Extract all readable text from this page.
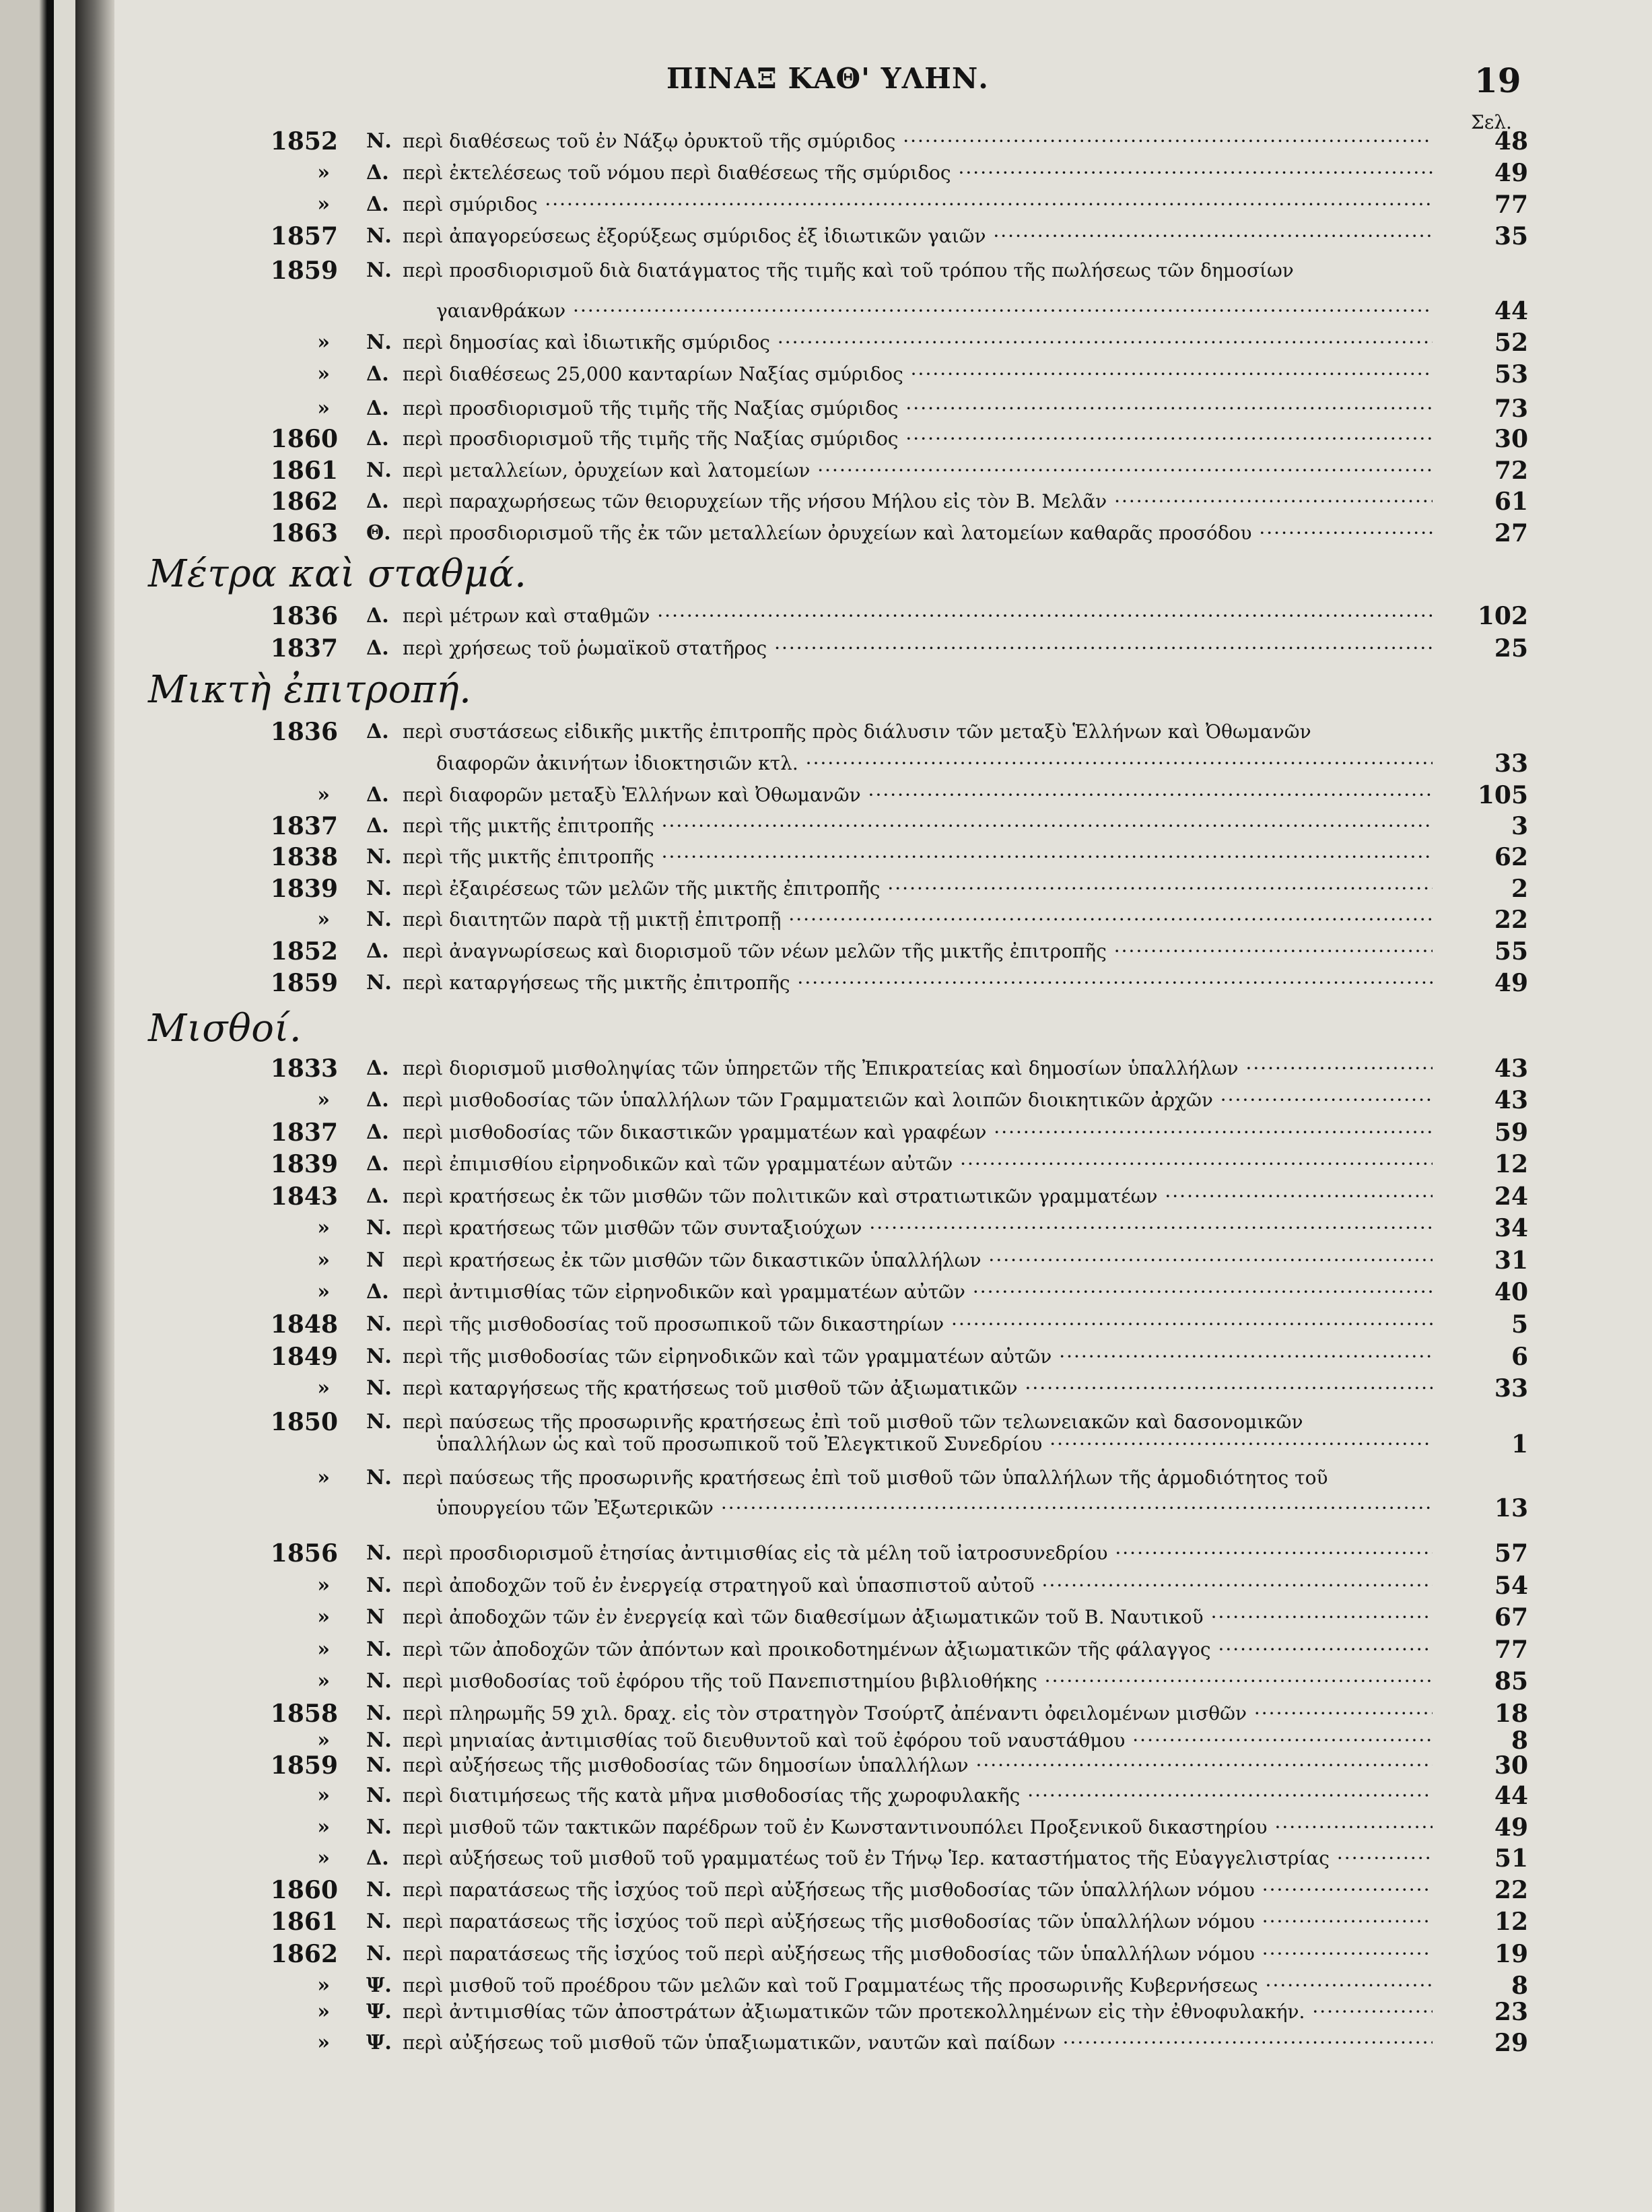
ΠΙΝΑΞ ΚΑΘ' ΥΛΗΝ.	19
Σελ.
Μέτρα καὶ σταθμά.
Μικτὴ ἐπιτροπή.
Μισθοί.
1852 Ν. περὶ διαθέσεως τοῦ ἐν Νάξῳ ὀρυκτοῦ τῆς σμύριδος ·····	48
» Δ. περὶ ἐκτελέσεως τοῦ νόμου περὶ διαθέσεως τῆς σμύριδος ·····	49
» Δ. περὶ σμύριδος ·····	77
1857 Ν. περὶ ἀπαγορεύσεως ἐξορύξεως σμύριδος ἐξ ἰδιωτικῶν γαιῶν ·····	35
1859 Ν. περὶ προσδιορισμοῦ διὰ διατάγματος τῆς τιμῆς καὶ τοῦ τρόπου τῆς πωλήσεως τῶν δημοσίων
γαιανθράκων ·····	44
» Ν. περὶ δημοσίας καὶ ἰδιωτικῆς σμύριδος ·····	52
» Δ. περὶ διαθέσεως 25,000 κανταρίων Ναξίας σμύριδος ·····	53
» Δ. περὶ προσδιορισμοῦ τῆς τιμῆς τῆς Ναξίας σμύριδος ·····	73
1860 Δ. περὶ προσδιορισμοῦ τῆς τιμῆς τῆς Ναξίας σμύριδος ·····	30
1861 Ν. περὶ μεταλλείων, ὀρυχείων καὶ λατομείων ·····	72
1862 Δ. περὶ παραχωρήσεως τῶν θειορυχείων τῆς νήσου Μήλου εἰς τὸν Β. Μελᾶν ·····	61
1863 Θ. περὶ προσδιορισμοῦ τῆς ἐκ τῶν μεταλλείων ὀρυχείων καὶ λατομείων καθαρᾶς προσόδου ·····	27
1836 Δ. περὶ μέτρων καὶ σταθμῶν ·····	102
1837 Δ. περὶ χρήσεως τοῦ ῥωμαϊκοῦ στατῆρος ·····	25
1836 Δ. περὶ συστάσεως εἰδικῆς μικτῆς ἐπιτροπῆς πρὸς διάλυσιν τῶν μεταξὺ Ἑλλήνων καὶ Ὀθωμανῶν
διαφορῶν ἀκινήτων ἰδιοκτησιῶν κτλ. ·····	33
» Δ. περὶ διαφορῶν μεταξὺ Ἑλλήνων καὶ Ὀθωμανῶν ·····	105
1837 Δ. περὶ τῆς μικτῆς ἐπιτροπῆς ·····	3
1838 Ν. περὶ τῆς μικτῆς ἐπιτροπῆς ·····	62
1839 Ν. περὶ ἐξαιρέσεως τῶν μελῶν τῆς μικτῆς ἐπιτροπῆς ·····	2
» Ν. περὶ διαιτητῶν παρὰ τῇ μικτῇ ἐπιτροπῇ ·····	22
1852 Δ. περὶ ἀναγνωρίσεως καὶ διορισμοῦ τῶν νέων μελῶν τῆς μικτῆς ἐπιτροπῆς ·····	55
1859 Ν. περὶ καταργήσεως τῆς μικτῆς ἐπιτροπῆς ·····	49
1833 Δ. περὶ διορισμοῦ μισθοληψίας τῶν ὑπηρετῶν τῆς Ἐπικρατείας καὶ δημοσίων ὑπαλλήλων ·····	43
» Δ. περὶ μισθοδοσίας τῶν ὑπαλλήλων τῶν Γραμματειῶν καὶ λοιπῶν διοικητικῶν ἀρχῶν ·····	43
1837 Δ. περὶ μισθοδοσίας τῶν δικαστικῶν γραμματέων καὶ γραφέων ·····	59
1839 Δ. περὶ ἐπιμισθίου εἰρηνοδικῶν καὶ τῶν γραμματέων αὐτῶν ·····	12
1843 Δ. περὶ κρατήσεως ἐκ τῶν μισθῶν τῶν πολιτικῶν καὶ στρατιωτικῶν γραμματέων ·····	24
» Ν. περὶ κρατήσεως τῶν μισθῶν τῶν συνταξιούχων ·····	34
» Ν περὶ κρατήσεως ἐκ τῶν μισθῶν τῶν δικαστικῶν ὑπαλλήλων ·····	31
» Δ. περὶ ἀντιμισθίας τῶν εἰρηνοδικῶν καὶ γραμματέων αὐτῶν ·····	40
1848 Ν. περὶ τῆς μισθοδοσίας τοῦ προσωπικοῦ τῶν δικαστηρίων ·····	5
1849 Ν. περὶ τῆς μισθοδοσίας τῶν εἰρηνοδικῶν καὶ τῶν γραμματέων αὐτῶν ·····	6
» Ν. περὶ καταργήσεως τῆς κρατήσεως τοῦ μισθοῦ τῶν ἀξιωματικῶν ·····	33
1850 Ν. περὶ παύσεως τῆς προσωρινῆς κρατήσεως ἐπὶ τοῦ μισθοῦ τῶν τελωνειακῶν καὶ δασονομικῶν
ὑπαλλήλων ὡς καὶ τοῦ προσωπικοῦ τοῦ Ἐλεγκτικοῦ Συνεδρίου ·····	1
» Ν. περὶ παύσεως τῆς προσωρινῆς κρατήσεως ἐπὶ τοῦ μισθοῦ τῶν ὑπαλλήλων τῆς ἁρμοδιότητος τοῦ
ὑπουργείου τῶν Ἐξωτερικῶν ·····	13
1856 Ν. περὶ προσδιορισμοῦ ἐτησίας ἀντιμισθίας εἰς τὰ μέλη τοῦ ἰατροσυνεδρίου ·····	57
» Ν. περὶ ἀποδοχῶν τοῦ ἐν ἐνεργείᾳ στρατηγοῦ καὶ ὑπασπιστοῦ αὐτοῦ ·····	54
» Ν περὶ ἀποδοχῶν τῶν ἐν ἐνεργείᾳ καὶ τῶν διαθεσίμων ἀξιωματικῶν τοῦ Β. Ναυτικοῦ ·····	67
» Ν. περὶ τῶν ἀποδοχῶν τῶν ἀπόντων καὶ προικοδοτημένων ἀξιωματικῶν τῆς φάλαγγος ·····	77
» Ν. περὶ μισθοδοσίας τοῦ ἐφόρου τῆς τοῦ Πανεπιστημίου βιβλιοθήκης ·····	85
1858 Ν. περὶ πληρωμῆς 59 χιλ. δραχ. εἰς τὸν στρατηγὸν Τσούρτζ ἀπέναντι ὀφειλομένων μισθῶν ·····	18
» Ν. περὶ μηνιαίας ἀντιμισθίας τοῦ διευθυντοῦ καὶ τοῦ ἐφόρου τοῦ ναυστάθμου ·····	8
1859 Ν. περὶ αὐξήσεως τῆς μισθοδοσίας τῶν δημοσίων ὑπαλλήλων ·····	30
» Ν. περὶ διατιμήσεως τῆς κατὰ μῆνα μισθοδοσίας τῆς χωροφυλακῆς ·····	44
» Ν. περὶ μισθοῦ τῶν τακτικῶν παρέδρων τοῦ ἐν Κωνσταντινουπόλει Προξενικοῦ δικαστηρίου ·····	49
» Δ. περὶ αὐξήσεως τοῦ μισθοῦ τοῦ γραμματέως τοῦ ἐν Τήνῳ Ἱερ. καταστήματος τῆς Εὐαγγελιστρίας ·····	51
1860 Ν. περὶ παρατάσεως τῆς ἰσχύος τοῦ περὶ αὐξήσεως τῆς μισθοδοσίας τῶν ὑπαλλήλων νόμου ·····	22
1861 Ν. περὶ παρατάσεως τῆς ἰσχύος τοῦ περὶ αὐξήσεως τῆς μισθοδοσίας τῶν ὑπαλλήλων νόμου ·····	12
1862 Ν. περὶ παρατάσεως τῆς ἰσχύος τοῦ περὶ αὐξήσεως τῆς μισθοδοσίας τῶν ὑπαλλήλων νόμου ·····	19
» Ψ. περὶ μισθοῦ τοῦ προέδρου τῶν μελῶν καὶ τοῦ Γραμματέως τῆς προσωρινῆς Κυβερνήσεως ·····	8
» Ψ. περὶ ἀντιμισθίας τῶν ἀποστράτων ἀξιωματικῶν τῶν προτεκολλημένων εἰς τὴν ἐθνοφυλακήν. ·····	23
» Ψ. περὶ αὐξήσεως τοῦ μισθοῦ τῶν ὑπαξιωματικῶν, ναυτῶν καὶ παίδων ·····	29
